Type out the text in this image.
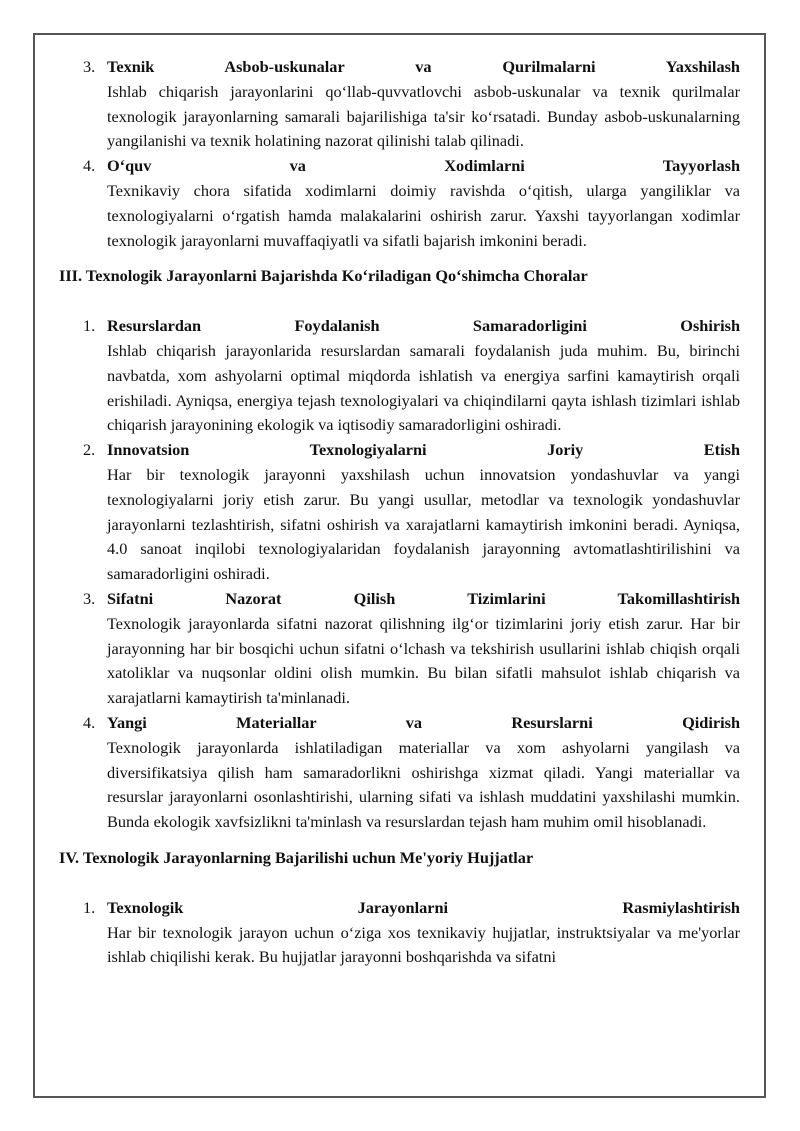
3. Texnik Asbob-uskunalar va Qurilmalarni Yaxshilash
Ishlab chiqarish jarayonlarini qo‘llab-quvvatlovchi asbob-uskunalar va texnik qurilmalar texnologik jarayonlarning samarali bajarilishiga ta'sir ko‘rsatadi. Bunday asbob-uskunalarning yangilanishi va texnik holatining nazorat qilinishi talab qilinadi.
4. O‘quv va Xodimlarni Tayyorlash
Texnikaviy chora sifatida xodimlarni doimiy ravishda o‘qitish, ularga yangiliklar va texnologiyalarni o‘rgatish hamda malakalarini oshirish zarur. Yaxshi tayyorlangan xodimlar texnologik jarayonlarni muvaffaqiyatli va sifatli bajarish imkonini beradi.
III. Texnologik Jarayonlarni Bajarishda Ko‘riladigan Qo‘shimcha Choralar
1. Resurslardan Foydalanish Samaradorligini Oshirish
Ishlab chiqarish jarayonlarida resurslardan samarali foydalanish juda muhim. Bu, birinchi navbatda, xom ashyolarni optimal miqdorda ishlatish va energiya sarfini kamaytirish orqali erishiladi. Ayniqsa, energiya tejash texnologiyalari va chiqindilarni qayta ishlash tizimlari ishlab chiqarish jarayonining ekologik va iqtisodiy samaradorligini oshiradi.
2. Innovatsion Texnologiyalarni Joriy Etish
Har bir texnologik jarayonni yaxshilash uchun innovatsion yondashuvlar va yangi texnologiyalarni joriy etish zarur. Bu yangi usullar, metodlar va texnologik yondashuvlar jarayonlarni tezlashtirish, sifatni oshirish va xarajatlarni kamaytirish imkonini beradi. Ayniqsa, 4.0 sanoat inqilobi texnologiyalaridan foydalanish jarayonning avtomatlashtirilishini va samaradorligini oshiradi.
3. Sifatni Nazorat Qilish Tizimlarini Takomillashtirish
Texnologik jarayonlarda sifatni nazorat qilishning ilg‘or tizimlarini joriy etish zarur. Har bir jarayonning har bir bosqichi uchun sifatni o‘lchash va tekshirish usullarini ishlab chiqish orqali xatoliklar va nuqsonlar oldini olish mumkin. Bu bilan sifatli mahsulot ishlab chiqarish va xarajatlarni kamaytirish ta'minlanadi.
4. Yangi Materiallar va Resurslarni Qidirish
Texnologik jarayonlarda ishlatiladigan materiallar va xom ashyolarni yangilash va diversifikatsiya qilish ham samaradorlikni oshirishga xizmat qiladi. Yangi materiallar va resurslar jarayonlarni osonlashtirishi, ularning sifati va ishlash muddatini yaxshilashi mumkin. Bunda ekologik xavfsizlikni ta'minlash va resurslardan tejash ham muhim omil hisoblanadi.
IV. Texnologik Jarayonlarning Bajarilishi uchun Me'yoriy Hujjatlar
1. Texnologik Jarayonlarni Rasmiylashtirish
Har bir texnologik jarayon uchun o‘ziga xos texnikaviy hujjatlar, instruktsiyalar va me'yorlar ishlab chiqilishi kerak. Bu hujjatlar jarayonni boshqarishda va sifatni
